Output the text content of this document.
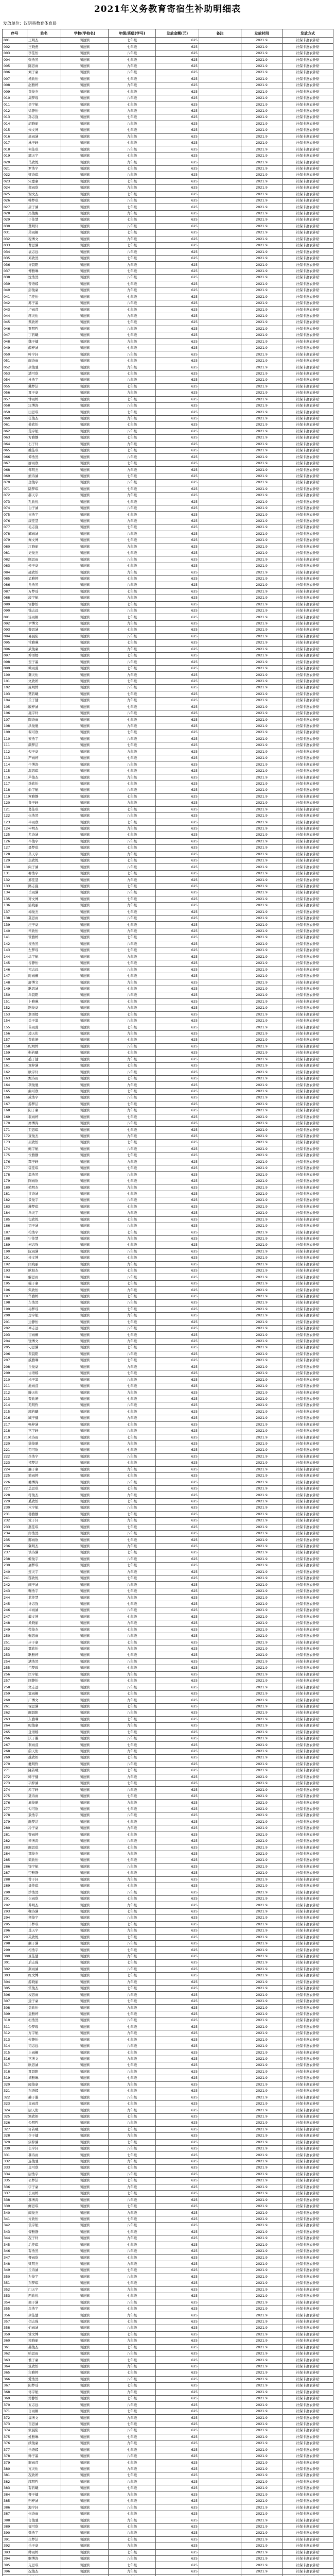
2021年义务教育寄宿生补助明细表
发放单位：汉阴县教育体育局
序号	姓名	学校(学校名)	年级/班级(学号)	发放金额(元)	备注	发放时间	发放方式
001	王明杰	涧池镇	七年级	625		2021.9	社保卡惠农补贴
002	王晓燕	涧池镇	七年级	625		2021.9	社保卡惠农补贴
003	李佳怡	涧池镇	八年级	625		2021.9	社保卡惠农补贴
004	张浩然	涧池镇	七年级	625		2021.9	社保卡惠农补贴
005	陈思雨	涧池镇	九年级	625		2021.9	社保卡惠农补贴
006	刘子豪	涧池镇	八年级	625		2021.9	社保卡惠农补贴
007	杨欣怡	涧池镇	七年级	625		2021.9	社保卡惠农补贴
008	赵雅婷	涧池镇	九年级	625		2021.9	社保卡惠农补贴
009	黄俊杰	涧池镇	七年级	625		2021.9	社保卡惠农补贴
010	周梦瑶	涧池镇	八年级	625		2021.9	社保卡惠农补贴
011	吴宇航	涧池镇	七年级	625		2021.9	社保卡惠农补贴
012	徐静怡	涧池镇	九年级	625		2021.9	社保卡惠农补贴
013	孙志强	涧池镇	七年级	625		2021.9	社保卡惠农补贴
014	胡晓丽	涧池镇	八年级	625		2021.9	社保卡惠农补贴
015	朱文博	涧池镇	七年级	625		2021.9	社保卡惠农补贴
016	高雨涵	涧池镇	九年级	625		2021.9	社保卡惠农补贴
017	林子轩	涧池镇	七年级	625		2021.9	社保卡惠农补贴
018	何佳琪	涧池镇	八年级	625		2021.9	社保卡惠农补贴
019	郭天宇	涧池镇	七年级	625		2021.9	社保卡惠农补贴
020	马欣悦	涧池镇	九年级	625		2021.9	社保卡惠农补贴
021	罗浩宇	涧池镇	七年级	625		2021.9	社保卡惠农补贴
022	梁诗琪	涧池镇	八年级	625		2021.9	社保卡惠农补贴
023	宋嘉豪	涧池镇	七年级	625		2021.9	社保卡惠农补贴
024	郑雨欣	涧池镇	九年级	625		2021.9	社保卡惠农补贴
025	谢文杰	涧池镇	七年级	625		2021.9	社保卡惠农补贴
026	韩梦琪	涧池镇	八年级	625		2021.9	社保卡惠农补贴
027	唐子涵	涧池镇	七年级	625		2021.9	社保卡惠农补贴
028	冯俊熙	涧池镇	九年级	625		2021.9	社保卡惠农补贴
029	于佳慧	涧池镇	七年级	625		2021.9	社保卡惠农补贴
030	董明轩	涧池镇	八年级	625		2021.9	社保卡惠农补贴
031	萧雨桐	涧池镇	七年级	625		2021.9	社保卡惠农补贴
032	程博文	涧池镇	九年级	625		2021.9	社保卡惠农补贴
033	曹思涵	涧池镇	七年级	625		2021.9	社保卡惠农补贴
034	袁志远	涧池镇	八年级	625		2021.9	社保卡惠农补贴
035	邓欣然	涧池镇	七年级	625		2021.9	社保卡惠农补贴
036	许晨阳	涧池镇	九年级	625		2021.9	社保卡惠农补贴
037	傅雅琳	涧池镇	七年级	625		2021.9	社保卡惠农补贴
038	沈浩然	涧池镇	八年级	625		2021.9	社保卡惠农补贴
039	曾语嫣	涧池镇	七年级	625		2021.9	社保卡惠农补贴
040	彭俊豪	涧池镇	九年级	625		2021.9	社保卡惠农补贴
041	吕佳怡	涧池镇	七年级	625		2021.9	社保卡惠农补贴
042	苏子墨	涧池镇	八年级	625		2021.9	社保卡惠农补贴
043	卢雨萱	涧池镇	七年级	625		2021.9	社保卡惠农补贴
044	蒋天佑	涧池镇	九年级	625		2021.9	社保卡惠农补贴
045	蔡欣妍	涧池镇	七年级	625		2021.9	社保卡惠农补贴
046	贾明哲	涧池镇	八年级	625		2021.9	社保卡惠农补贴
047	丁若曦	涧池镇	七年级	625		2021.9	社保卡惠农补贴
048	魏子健	涧池镇	九年级	625		2021.9	社保卡惠农补贴
049	薛梓涵	涧池镇	七年级	625		2021.9	社保卡惠农补贴
050	叶宇轩	涧池镇	八年级	625		2021.9	社保卡惠农补贴
051	阎诗雨	涧池镇	七年级	625		2021.9	社保卡惠农补贴
052	余俊驰	涧池镇	九年级	625		2021.9	社保卡惠农补贴
053	潘可欣	涧池镇	七年级	625		2021.9	社保卡惠农补贴
054	杜浩宇	涧池镇	八年级	625		2021.9	社保卡惠农补贴
055	戴梦洁	涧池镇	七年级	625		2021.9	社保卡惠农补贴
056	夏子豪	涧池镇	九年级	625		2021.9	社保卡惠农补贴
057	钟雨婷	涧池镇	七年级	625		2021.9	社保卡惠农补贴
058	汪博涛	涧池镇	八年级	625		2021.9	社保卡惠农补贴
059	田思琪	涧池镇	七年级	625		2021.9	社保卡惠农补贴
060	任俊杰	涧池镇	九年级	625		2021.9	社保卡惠农补贴
061	姜欣怡	涧池镇	七年级	625		2021.9	社保卡惠农补贴
062	范宇航	涧池镇	八年级	625		2021.9	社保卡惠农补贴
063	方雅静	涧池镇	七年级	625		2021.9	社保卡惠农补贴
064	石子轩	涧池镇	九年级	625		2021.9	社保卡惠农补贴
065	姚佳琪	涧池镇	七年级	625		2021.9	社保卡惠农补贴
066	谭浩然	涧池镇	八年级	625		2021.9	社保卡惠农补贴
067	廖雨欣	涧池镇	七年级	625		2021.9	社保卡惠农补贴
068	邹明杰	涧池镇	九年级	625		2021.9	社保卡惠农补贴
069	熊诗涵	涧池镇	七年级	625		2021.9	社保卡惠农补贴
070	金俊宇	涧池镇	八年级	625		2021.9	社保卡惠农补贴
071	陆梦琪	涧池镇	七年级	625		2021.9	社保卡惠农补贴
072	郝天宇	涧池镇	九年级	625		2021.9	社保卡惠农补贴
073	孔欣悦	涧池镇	七年级	625		2021.9	社保卡惠农补贴
074	白子涵	涧池镇	八年级	625		2021.9	社保卡惠农补贴
075	崔浩宇	涧池镇	七年级	625		2021.9	社保卡惠农补贴
076	康佳慧	涧池镇	九年级	625		2021.9	社保卡惠农补贴
077	毛志强	涧池镇	七年级	625		2021.9	社保卡惠农补贴
078	邱雨涵	涧池镇	八年级	625		2021.9	社保卡惠农补贴
079	秦文博	涧池镇	七年级	625		2021.9	社保卡惠农补贴
080	江晓丽	涧池镇	九年级	625		2021.9	社保卡惠农补贴
081	史俊杰	涧池镇	七年级	625		2021.9	社保卡惠农补贴
082	顾思雨	涧池镇	八年级	625		2021.9	社保卡惠农补贴
083	侯子豪	涧池镇	七年级	625		2021.9	社保卡惠农补贴
084	邵欣怡	涧池镇	九年级	625		2021.9	社保卡惠农补贴
085	孟雅婷	涧池镇	七年级	625		2021.9	社保卡惠农补贴
086	龙浩然	涧池镇	八年级	625		2021.9	社保卡惠农补贴
087	万梦瑶	涧池镇	七年级	625		2021.9	社保卡惠农补贴
088	段宇航	涧池镇	九年级	625		2021.9	社保卡惠农补贴
089	雷静怡	涧池镇	七年级	625		2021.9	社保卡惠农补贴
090	钱志远	涧池镇	八年级	625		2021.9	社保卡惠农补贴
091	汤雨桐	涧池镇	七年级	625		2021.9	社保卡惠农补贴
092	尹博文	涧池镇	九年级	625		2021.9	社保卡惠农补贴
093	黎思涵	涧池镇	七年级	625		2021.9	社保卡惠农补贴
094	易晨阳	涧池镇	八年级	625		2021.9	社保卡惠农补贴
095	常雅琳	涧池镇	七年级	625		2021.9	社保卡惠农补贴
096	武俊豪	涧池镇	九年级	625		2021.9	社保卡惠农补贴
097	乔语嫣	涧池镇	七年级	625		2021.9	社保卡惠农补贴
098	贺子墨	涧池镇	八年级	625		2021.9	社保卡惠农补贴
099	赖雨萱	涧池镇	七年级	625		2021.9	社保卡惠农补贴
100	龚天佑	涧池镇	九年级	625		2021.9	社保卡惠农补贴
101	文欣妍	涧池镇	七年级	625		2021.9	社保卡惠农补贴
102	庞明哲	涧池镇	八年级	625		2021.9	社保卡惠农补贴
103	樊若曦	涧池镇	七年级	625		2021.9	社保卡惠农补贴
104	兰子健	涧池镇	九年级	625		2021.9	社保卡惠农补贴
105	殷梓涵	涧池镇	七年级	625		2021.9	社保卡惠农补贴
106	施宇轩	涧池镇	八年级	625		2021.9	社保卡惠农补贴
107	陶诗雨	涧池镇	七年级	625		2021.9	社保卡惠农补贴
108	洪俊驰	涧池镇	九年级	625		2021.9	社保卡惠农补贴
109	翟可欣	涧池镇	七年级	625		2021.9	社保卡惠农补贴
110	安浩宇	涧池镇	八年级	625		2021.9	社保卡惠农补贴
111	颜梦洁	涧池镇	七年级	625		2021.9	社保卡惠农补贴
112	倪子豪	涧池镇	九年级	625		2021.9	社保卡惠农补贴
113	严雨婷	涧池镇	七年级	625		2021.9	社保卡惠农补贴
114	牛博涛	涧池镇	八年级	625		2021.9	社保卡惠农补贴
115	温思琪	涧池镇	七年级	625		2021.9	社保卡惠农补贴
116	芦俊杰	涧池镇	九年级	625		2021.9	社保卡惠农补贴
117	季欣怡	涧池镇	七年级	625		2021.9	社保卡惠农补贴
118	俞宇航	涧池镇	八年级	625		2021.9	社保卡惠农补贴
119	章雅静	涧池镇	七年级	625		2021.9	社保卡惠农补贴
120	鲁子轩	涧池镇	九年级	625		2021.9	社保卡惠农补贴
121	葛佳琪	涧池镇	七年级	625		2021.9	社保卡惠农补贴
122	伍浩然	涧池镇	八年级	625		2021.9	社保卡惠农补贴
123	韦雨欣	涧池镇	七年级	625		2021.9	社保卡惠农补贴
124	申明杰	涧池镇	九年级	625		2021.9	社保卡惠农补贴
125	尤诗涵	涧池镇	七年级	625		2021.9	社保卡惠农补贴
126	毕俊宇	涧池镇	八年级	625		2021.9	社保卡惠农补贴
127	聂梦琪	涧池镇	七年级	625		2021.9	社保卡惠农补贴
128	丛天宇	涧池镇	九年级	625		2021.9	社保卡惠农补贴
129	焦欣悦	涧池镇	七年级	625		2021.9	社保卡惠农补贴
130	向子涵	涧池镇	八年级	625		2021.9	社保卡惠农补贴
131	柳浩宇	涧池镇	七年级	625		2021.9	社保卡惠农补贴
132	邢佳慧	涧池镇	九年级	625		2021.9	社保卡惠农补贴
133	路志强	涧池镇	七年级	625		2021.9	社保卡惠农补贴
134	岳雨涵	涧池镇	八年级	625		2021.9	社保卡惠农补贴
135	齐文博	涧池镇	七年级	625		2021.9	社保卡惠农补贴
136	沿晓丽	涧池镇	九年级	625		2021.9	社保卡惠农补贴
137	梅俊杰	涧池镇	七年级	625		2021.9	社保卡惠农补贴
138	莫思雨	涧池镇	八年级	625		2021.9	社保卡惠农补贴
139	庄子豪	涧池镇	七年级	625		2021.9	社保卡惠农补贴
140	辛欣怡	涧池镇	九年级	625		2021.9	社保卡惠农补贴
141	管雅婷	涧池镇	七年级	625		2021.9	社保卡惠农补贴
142	祝浩然	涧池镇	八年级	625		2021.9	社保卡惠农补贴
143	左梦瑶	涧池镇	七年级	625		2021.9	社保卡惠农补贴
144	涂宇航	涧池镇	九年级	625		2021.9	社保卡惠农补贴
145	谷静怡	涧池镇	七年级	625		2021.9	社保卡惠农补贴
146	祁志远	涧池镇	八年级	625		2021.9	社保卡惠农补贴
147	时雨桐	涧池镇	七年级	625		2021.9	社保卡惠农补贴
148	舒博文	涧池镇	九年级	625		2021.9	社保卡惠农补贴
149	耿思涵	涧池镇	七年级	625		2021.9	社保卡惠农补贴
150	牟晨阳	涧池镇	八年级	625		2021.9	社保卡惠农补贴
151	卜雅琳	涧池镇	七年级	625		2021.9	社保卡惠农补贴
152	路俊豪	涧池镇	九年级	625		2021.9	社保卡惠农补贴
153	詹语嫣	涧池镇	七年级	625		2021.9	社保卡惠农补贴
154	关子墨	涧池镇	八年级	625		2021.9	社保卡惠农补贴
155	苗雨萱	涧池镇	七年级	625		2021.9	社保卡惠农补贴
156	凌天佑	涧池镇	九年级	625		2021.9	社保卡惠农补贴
157	费欣妍	涧池镇	七年级	625		2021.9	社保卡惠农补贴
158	纪明哲	涧池镇	八年级	625		2021.9	社保卡惠农补贴
159	靳若曦	涧池镇	七年级	625		2021.9	社保卡惠农补贴
160	盛子健	涧池镇	九年级	625		2021.9	社保卡惠农补贴
161	童梓涵	涧池镇	七年级	625		2021.9	社保卡惠农补贴
162	欧宇轩	涧池镇	八年级	625		2021.9	社保卡惠农补贴
163	甄诗雨	涧池镇	七年级	625		2021.9	社保卡惠农补贴
164	项俊驰	涧池镇	九年级	625		2021.9	社保卡惠农补贴
165	曲可欣	涧池镇	七年级	625		2021.9	社保卡惠农补贴
166	成浩宇	涧池镇	八年级	625		2021.9	社保卡惠农补贴
167	游梦洁	涧池镇	七年级	625		2021.9	社保卡惠农补贴
168	阳子豪	涧池镇	九年级	625		2021.9	社保卡惠农补贴
169	裴雨婷	涧池镇	七年级	625		2021.9	社保卡惠农补贴
170	席博涛	涧池镇	八年级	625		2021.9	社保卡惠农补贴
171	卫思琪	涧池镇	七年级	625		2021.9	社保卡惠农补贴
172	查俊杰	涧池镇	九年级	625		2021.9	社保卡惠农补贴
173	屈欣怡	涧池镇	七年级	625		2021.9	社保卡惠农补贴
174	鲍宇航	涧池镇	八年级	625		2021.9	社保卡惠农补贴
175	位雅静	涧池镇	七年级	625		2021.9	社保卡惠农补贴
176	覃子轩	涧池镇	九年级	625		2021.9	社保卡惠农补贴
177	霍佳琪	涧池镇	七年级	625		2021.9	社保卡惠农补贴
178	翁浩然	涧池镇	八年级	625		2021.9	社保卡惠农补贴
179	隋雨欣	涧池镇	七年级	625		2021.9	社保卡惠农补贴
180	植明杰	涧池镇	九年级	625		2021.9	社保卡惠农补贴
181	甘诗涵	涧池镇	七年级	625		2021.9	社保卡惠农补贴
182	景俊宇	涧池镇	八年级	625		2021.9	社保卡惠农补贴
183	薄梦琪	涧池镇	七年级	625		2021.9	社保卡惠农补贴
184	单天宇	涧池镇	九年级	625		2021.9	社保卡惠农补贴
185	包欣悦	涧池镇	七年级	625		2021.9	社保卡惠农补贴
186	司子涵	涧池镇	八年级	625		2021.9	社保卡惠农补贴
187	柏浩宇	涧池镇	七年级	625		2021.9	社保卡惠农补贴
188	宁佳慧	涧池镇	九年级	625		2021.9	社保卡惠农补贴
189	柯志强	涧池镇	七年级	625		2021.9	社保卡惠农补贴
190	阮雨涵	涧池镇	八年级	625		2021.9	社保卡惠农补贴
191	桂文博	涧池镇	七年级	625		2021.9	社保卡惠农补贴
192	闵晓丽	涧池镇	九年级	625		2021.9	社保卡惠农补贴
193	欧阳杰	涧池镇	七年级	625		2021.9	社保卡惠农补贴
194	解思雨	涧池镇	八年级	625		2021.9	社保卡惠农补贴
195	强子豪	涧池镇	七年级	625		2021.9	社保卡惠农补贴
196	柴欣怡	涧池镇	九年级	625		2021.9	社保卡惠农补贴
197	华雅婷	涧池镇	七年级	625		2021.9	社保卡惠农补贴
198	车浩然	涧池镇	八年级	625		2021.9	社保卡惠农补贴
199	冉梦瑶	涧池镇	七年级	625		2021.9	社保卡惠农补贴
200	房宇航	涧池镇	九年级	625		2021.9	社保卡惠农补贴
201	边静怡	涧池镇	七年级	625		2021.9	社保卡惠农补贴
202	辜志远	涧池镇	八年级	625		2021.9	社保卡惠农补贴
203	吉雨桐	涧池镇	七年级	625		2021.9	社保卡惠农补贴
204	饶博文	涧池镇	九年级	625		2021.9	社保卡惠农补贴
205	刁思涵	涧池镇	七年级	625		2021.9	社保卡惠农补贴
206	瞿晨阳	涧池镇	八年级	625		2021.9	社保卡惠农补贴
207	戚雅琳	涧池镇	七年级	625		2021.9	社保卡惠农补贴
208	丘俊豪	涧池镇	九年级	625		2021.9	社保卡惠农补贴
209	古语嫣	涧池镇	七年级	625		2021.9	社保卡惠农补贴
210	米子墨	涧池镇	八年级	625		2021.9	社保卡惠农补贴
211	池雨萱	涧池镇	七年级	625		2021.9	社保卡惠农补贴
212	滕天佑	涧池镇	九年级	625		2021.9	社保卡惠农补贴
213	晋欣妍	涧池镇	七年级	625		2021.9	社保卡惠农补贴
214	苑明哲	涧池镇	八年级	625		2021.9	社保卡惠农补贴
215	邬若曦	涧池镇	七年级	625		2021.9	社保卡惠农补贴
216	臧子健	涧池镇	九年级	625		2021.9	社保卡惠农补贴
217	畅梓涵	涧池镇	七年级	625		2021.9	社保卡惠农补贴
218	宫宇轩	涧池镇	八年级	625		2021.9	社保卡惠农补贴
219	来诗雨	涧池镇	七年级	625		2021.9	社保卡惠农补贴
220	嵇俊驰	涧池镇	九年级	625		2021.9	社保卡惠农补贴
221	苟可欣	涧池镇	七年级	625		2021.9	社保卡惠农补贴
222	全浩宇	涧池镇	八年级	625		2021.9	社保卡惠农补贴
223	褚梦洁	涧池镇	七年级	625		2021.9	社保卡惠农补贴
224	廉子豪	涧池镇	九年级	625		2021.9	社保卡惠农补贴
225	简雨婷	涧池镇	七年级	625		2021.9	社保卡惠农补贴
226	娄博涛	涧池镇	八年级	625		2021.9	社保卡惠农补贴
227	盖思琪	涧池镇	七年级	625		2021.9	社保卡惠农补贴
228	符俊杰	涧池镇	九年级	625		2021.9	社保卡惠农补贴
229	奚欣怡	涧池镇	七年级	625		2021.9	社保卡惠农补贴
230	木宇航	涧池镇	八年级	625		2021.9	社保卡惠农补贴
231	穆雅静	涧池镇	七年级	625		2021.9	社保卡惠农补贴
232	党子轩	涧池镇	九年级	625		2021.9	社保卡惠农补贴
233	燕佳琪	涧池镇	七年级	625		2021.9	社保卡惠农补贴
234	郎浩然	涧池镇	八年级	625		2021.9	社保卡惠农补贴
235	邸雨欣	涧池镇	七年级	625		2021.9	社保卡惠农补贴
236	冀明杰	涧池镇	九年级	625		2021.9	社保卡惠农补贴
237	谈诗涵	涧池镇	七年级	625		2021.9	社保卡惠农补贴
238	姬俊宇	涧池镇	八年级	625		2021.9	社保卡惠农补贴
239	屠梦琪	涧池镇	七年级	625		2021.9	社保卡惠农补贴
240	连天宇	涧池镇	九年级	625		2021.9	社保卡惠农补贴
241	郜欣悦	涧池镇	七年级	625		2021.9	社保卡惠农补贴
242	阙子涵	涧池镇	八年级	625		2021.9	社保卡惠农补贴
243	鞠浩宇	涧池镇	七年级	625		2021.9	社保卡惠农补贴
244	蓝佳慧	涧池镇	九年级	625		2021.9	社保卡惠农补贴
245	计志强	涧池镇	七年级	625		2021.9	社保卡惠农补贴
246	卓雨涵	涧池镇	八年级	625		2021.9	社保卡惠农补贴
247	蔺文博	涧池镇	七年级	625		2021.9	社保卡惠农补贴
248	桑晓丽	涧池镇	九年级	625		2021.9	社保卡惠农补贴
249	荣俊杰	涧池镇	七年级	625		2021.9	社保卡惠农补贴
250	衡思雨	涧池镇	八年级	625		2021.9	社保卡惠农补贴
251	步子豪	涧池镇	七年级	625		2021.9	社保卡惠农补贴
252	都欣怡	涧池镇	九年级	625		2021.9	社保卡惠农补贴
253	耿雅婷	涧池镇	七年级	625		2021.9	社保卡惠农补贴
254	满浩然	涧池镇	八年级	625		2021.9	社保卡惠农补贴
255	弓梦瑶	涧池镇	七年级	625		2021.9	社保卡惠农补贴
256	匡宇航	涧池镇	九年级	625		2021.9	社保卡惠农补贴
257	国静怡	涧池镇	七年级	625		2021.9	社保卡惠农补贴
258	文志远	涧池镇	八年级	625		2021.9	社保卡惠农补贴
259	寇雨桐	涧池镇	七年级	625		2021.9	社保卡惠农补贴
260	广博文	涧池镇	九年级	625		2021.9	社保卡惠农补贴
261	禄思涵	涧池镇	七年级	625		2021.9	社保卡惠农补贴
262	阚晨阳	涧池镇	八年级	625		2021.9	社保卡惠农补贴
263	东雅琳	涧池镇	七年级	625		2021.9	社保卡惠农补贴
264	殴俊豪	涧池镇	九年级	625		2021.9	社保卡惠农补贴
265	殳语嫣	涧池镇	七年级	625		2021.9	社保卡惠农补贴
266	沃子墨	涧池镇	八年级	625		2021.9	社保卡惠农补贴
267	利雨萱	涧池镇	七年级	625		2021.9	社保卡惠农补贴
268	蔚天佑	涧池镇	九年级	625		2021.9	社保卡惠农补贴
269	越欣妍	涧池镇	七年级	625		2021.9	社保卡惠农补贴
270	夔明哲	涧池镇	八年级	625		2021.9	社保卡惠农补贴
271	隆若曦	涧池镇	七年级	625		2021.9	社保卡惠农补贴
272	师子健	涧池镇	九年级	625		2021.9	社保卡惠农补贴
273	巩梓涵	涧池镇	七年级	625		2021.9	社保卡惠农补贴
274	厍宇轩	涧池镇	八年级	625		2021.9	社保卡惠农补贴
275	聂诗雨	涧池镇	七年级	625		2021.9	社保卡惠农补贴
276	晁俊驰	涧池镇	九年级	625		2021.9	社保卡惠农补贴
277	勾可欣	涧池镇	七年级	625		2021.9	社保卡惠农补贴
278	敖浩宇	涧池镇	八年级	625		2021.9	社保卡惠农补贴
279	融梦洁	涧池镇	七年级	625		2021.9	社保卡惠农补贴
280	冷子豪	涧池镇	九年级	625		2021.9	社保卡惠农补贴
281	訾雨婷	涧池镇	七年级	625		2021.9	社保卡惠农补贴
282	辛博涛	涧池镇	八年级	625		2021.9	社保卡惠农补贴
283	阚思琪	涧池镇	七年级	625		2021.9	社保卡惠农补贴
284	那俊杰	涧池镇	九年级	625		2021.9	社保卡惠农补贴
285	简欣怡	涧池镇	七年级	625		2021.9	社保卡惠农补贴
286	饶宇航	涧池镇	八年级	625		2021.9	社保卡惠农补贴
287	空雅静	涧池镇	七年级	625		2021.9	社保卡惠农补贴
288	曾子轩	涧池镇	九年级	625		2021.9	社保卡惠农补贴
289	毋佳琪	涧池镇	七年级	625		2021.9	社保卡惠农补贴
290	沙浩然	涧池镇	八年级	625		2021.9	社保卡惠农补贴
291	乜雨欣	涧池镇	七年级	625		2021.9	社保卡惠农补贴
292	养明杰	涧池镇	九年级	625		2021.9	社保卡惠农补贴
293	鞠诗涵	涧池镇	七年级	625		2021.9	社保卡惠农补贴
294	须俊宇	涧池镇	八年级	625		2021.9	社保卡惠农补贴
295	丰梦琪	涧池镇	七年级	625		2021.9	社保卡惠农补贴
296	巢天宇	涧池镇	九年级	625		2021.9	社保卡惠农补贴
297	关欣悦	涧池镇	七年级	625		2021.9	社保卡惠农补贴
298	蒯子涵	涧池镇	八年级	625		2021.9	社保卡惠农补贴
299	相浩宇	涧池镇	七年级	625		2021.9	社保卡惠农补贴
300	查佳慧	涧池镇	九年级	625		2021.9	社保卡惠农补贴
301	后志强	涧池镇	七年级	625		2021.9	社保卡惠农补贴
302	荆雨涵	涧池镇	八年级	625		2021.9	社保卡惠农补贴
303	红文博	涧池镇	七年级	625		2021.9	社保卡惠农补贴
304	游晓丽	涧池镇	九年级	625		2021.9	社保卡惠农补贴
305	竺俊杰	涧池镇	七年级	625		2021.9	社保卡惠农补贴
306	权思雨	涧池镇	八年级	625		2021.9	社保卡惠农补贴
307	逯子豪	涧池镇	七年级	625		2021.9	社保卡惠农补贴
308	盖欣怡	涧池镇	九年级	625		2021.9	社保卡惠农补贴
309	益雅婷	涧池镇	七年级	625		2021.9	社保卡惠农补贴
310	桓浩然	涧池镇	八年级	625		2021.9	社保卡惠农补贴
311	公梦瑶	涧池镇	七年级	625		2021.9	社保卡惠农补贴
312	万宇航	涧池镇	九年级	625		2021.9	社保卡惠农补贴
313	俟静怡	涧池镇	七年级	625		2021.9	社保卡惠农补贴
314	司志远	涧池镇	八年级	625		2021.9	社保卡惠农补贴
315	上雨桐	涧池镇	七年级	625		2021.9	社保卡惠农补贴
316	官博文	涧池镇	九年级	625		2021.9	社保卡惠农补贴
317	欧思涵	涧池镇	七年级	625		2021.9	社保卡惠农补贴
318	夏晨阳	涧池镇	八年级	625		2021.9	社保卡惠农补贴
319	诸雅琳	涧池镇	七年级	625		2021.9	社保卡惠农补贴
320	闻俊豪	涧池镇	九年级	625		2021.9	社保卡惠农补贴
321	东语嫣	涧池镇	七年级	625		2021.9	社保卡惠农补贴
322	赫子墨	涧池镇	八年级	625		2021.9	社保卡惠农补贴
323	皇雨萱	涧池镇	七年级	625		2021.9	社保卡惠农补贴
324	尉天佑	涧池镇	九年级	625		2021.9	社保卡惠农补贴
325	澹欣妍	涧池镇	七年级	625		2021.9	社保卡惠农补贴
326	公明哲	涧池镇	八年级	625		2021.9	社保卡惠农补贴
327	轩若曦	涧池镇	七年级	625		2021.9	社保卡惠农补贴
328	令子健	涧池镇	九年级	625		2021.9	社保卡惠农补贴
329	宗梓涵	涧池镇	七年级	625		2021.9	社保卡惠农补贴
330	长宇轩	涧池镇	八年级	625		2021.9	社保卡惠农补贴
331	慕诗雨	涧池镇	七年级	625		2021.9	社保卡惠农补贴
332	连俊驰	涧池镇	九年级	625		2021.9	社保卡惠农补贴
333	皇可欣	涧池镇	七年级	625		2021.9	社保卡惠农补贴
334	尉浩宇	涧池镇	八年级	625		2021.9	社保卡惠农补贴
335	公梦洁	涧池镇	七年级	625		2021.9	社保卡惠农补贴
336	宇子豪	涧池镇	九年级	625		2021.9	社保卡惠农补贴
337	长雨婷	涧池镇	七年级	625		2021.9	社保卡惠农补贴
338	慕博涛	涧池镇	八年级	625		2021.9	社保卡惠农补贴
339	鲜思琪	涧池镇	七年级	625		2021.9	社保卡惠农补贴
340	闾俊杰	涧池镇	九年级	625		2021.9	社保卡惠农补贴
341	亓欣怡	涧池镇	七年级	625		2021.9	社保卡惠农补贴
342	仉宇航	涧池镇	八年级	625		2021.9	社保卡惠农补贴
343	督雅静	涧池镇	七年级	625		2021.9	社保卡惠农补贴
344	况子轩	涧池镇	九年级	625		2021.9	社保卡惠农补贴
345	后佳琪	涧池镇	七年级	625		2021.9	社保卡惠农补贴
346	有浩然	涧池镇	八年级	625		2021.9	社保卡惠农补贴
347	琴雨欣	涧池镇	七年级	625		2021.9	社保卡惠农补贴
348	梁明杰	涧池镇	九年级	625		2021.9	社保卡惠农补贴
349	丘诗涵	涧池镇	七年级	625		2021.9	社保卡惠农补贴
350	左俊宇	涧池镇	八年级	625		2021.9	社保卡惠农补贴
351	东梦琪	涧池镇	七年级	625		2021.9	社保卡惠农补贴
352	门天宇	涧池镇	九年级	625		2021.9	社保卡惠农补贴
353	西欣悦	涧池镇	七年级	625		2021.9	社保卡惠农补贴
354	商子涵	涧池镇	八年级	625		2021.9	社保卡惠农补贴
355	牟浩宇	涧池镇	七年级	625		2021.9	社保卡惠农补贴
356	佘佳慧	涧池镇	九年级	625		2021.9	社保卡惠农补贴
357	佴志强	涧池镇	七年级	625		2021.9	社保卡惠农补贴
358	伯雨涵	涧池镇	八年级	625		2021.9	社保卡惠农补贴
359	赏文博	涧池镇	七年级	625		2021.9	社保卡惠农补贴
360	南晓丽	涧池镇	九年级	625		2021.9	社保卡惠农补贴
361	墨俊杰	涧池镇	七年级	625		2021.9	社保卡惠农补贴
362	哈思雨	涧池镇	八年级	625		2021.9	社保卡惠农补贴
363	谯子豪	涧池镇	七年级	625		2021.9	社保卡惠农补贴
364	笪欣怡	涧池镇	九年级	625		2021.9	社保卡惠农补贴
365	年雅婷	涧池镇	七年级	625		2021.9	社保卡惠农补贴
366	爱浩然	涧池镇	八年级	625		2021.9	社保卡惠农补贴
367	阳梦瑶	涧池镇	七年级	625		2021.9	社保卡惠农补贴
368	佟宇航	涧池镇	九年级	625		2021.9	社保卡惠农补贴
369	第静怡	涧池镇	七年级	625		2021.9	社保卡惠农补贴
370	五志远	涧池镇	八年级	625		2021.9	社保卡惠农补贴
371	言雨桐	涧池镇	七年级	625		2021.9	社保卡惠农补贴
372	福博文	涧池镇	九年级	625		2021.9	社保卡惠农补贴
373	百思涵	涧池镇	七年级	625		2021.9	社保卡惠农补贴
374	家晨阳	涧池镇	八年级	625		2021.9	社保卡惠农补贴
375	姓雅琳	涧池镇	七年级	625		2021.9	社保卡惠农补贴
376	续俊豪	涧池镇	九年级	625		2021.9	社保卡惠农补贴
377	岳语嫣	涧池镇	七年级	625		2021.9	社保卡惠农补贴
378	帅子墨	涧池镇	八年级	625		2021.9	社保卡惠农补贴
379	缑雨萱	涧池镇	七年级	625		2021.9	社保卡惠农补贴
380	亢天佑	涧池镇	九年级	625		2021.9	社保卡惠农补贴
381	况欣妍	涧池镇	七年级	625		2021.9	社保卡惠农补贴
382	郈明哲	涧池镇	八年级	625		2021.9	社保卡惠农补贴
383	有若曦	涧池镇	七年级	625		2021.9	社保卡惠农补贴
384	琴子健	涧池镇	九年级	625		2021.9	社保卡惠农补贴
385	归梓涵	涧池镇	七年级	625		2021.9	社保卡惠农补贴
386	海宇轩	涧池镇	八年级	625		2021.9	社保卡惠农补贴
387	伍诗雨	涧池镇	七年级	625		2021.9	社保卡惠农补贴
388	言俊驰	涧池镇	九年级	625		2021.9	社保卡惠农补贴
389	福可欣	涧池镇	七年级	625		2021.9	社保卡惠农补贴
390	微浩宇	涧池镇	八年级	625		2021.9	社保卡惠农补贴
391	生梦洁	涧池镇	七年级	625		2021.9	社保卡惠农补贴
392	岳子豪	涧池镇	九年级	625		2021.9	社保卡惠农补贴
393	帅雨婷	涧池镇	七年级	625		2021.9	社保卡惠农补贴
394	缑博涛	涧池镇	八年级	625		2021.9	社保卡惠农补贴
395	亢思琪	涧池镇	七年级	625		2021.9	社保卡惠农补贴
396	况俊杰	涧池镇	九年级	625		2021.9	社保卡惠农补贴
